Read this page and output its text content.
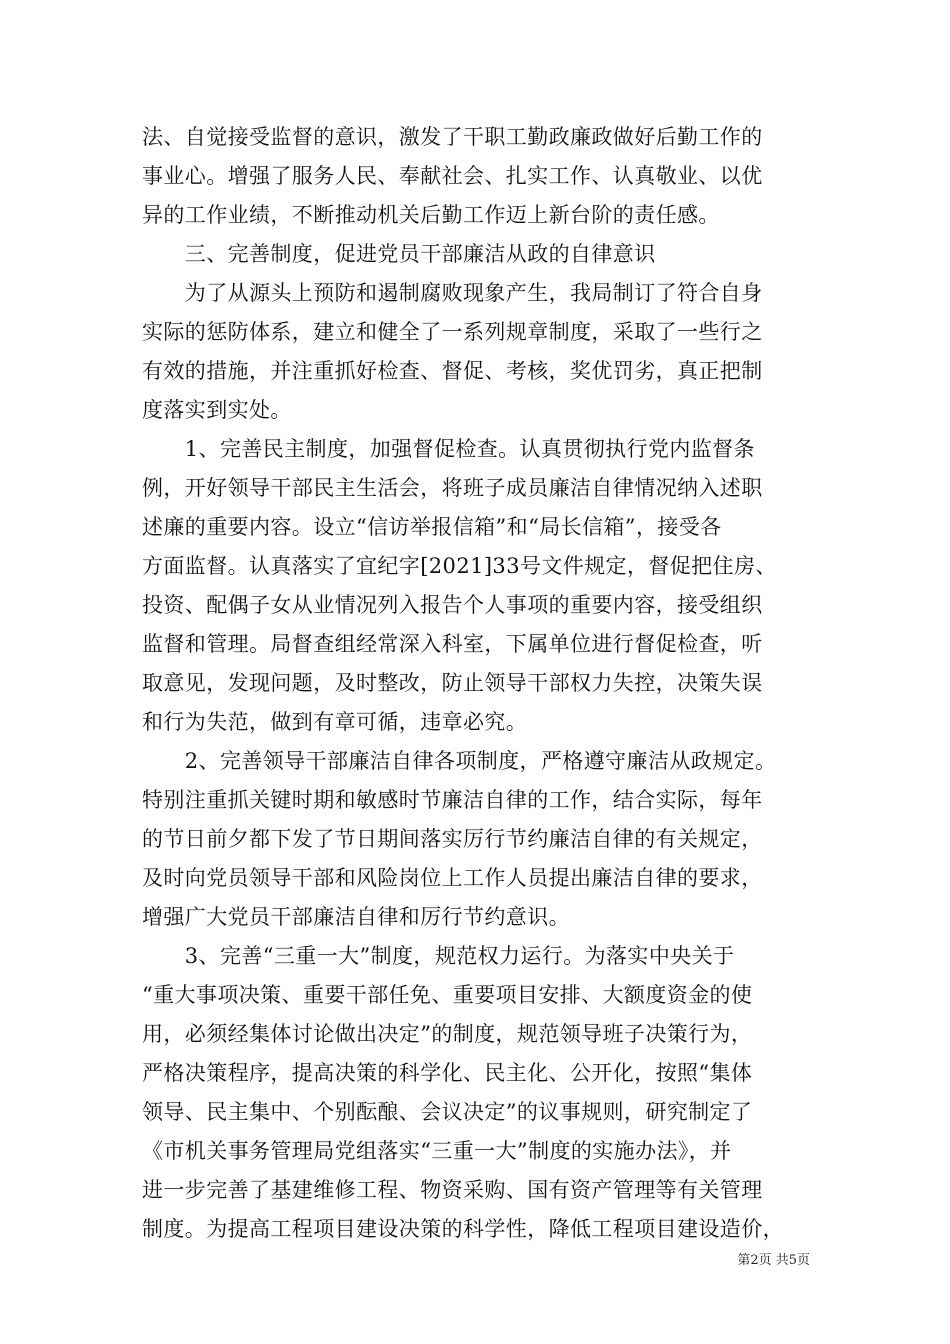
法、自觉接受监督的意识，激发了干职工勤政廉政做好后勤工作的
事业心。增强了服务人民、奉献社会、扎实工作、认真敬业、以优
异的工作业绩，不断推动机关后勤工作迈上新台阶的责任感。
　　三、完善制度，促进党员干部廉洁从政的自律意识
　　为了从源头上预防和遏制腐败现象产生，我局制订了符合自身
实际的惩防体系，建立和健全了一系列规章制度，采取了一些行之
有效的措施，并注重抓好检查、督促、考核，奖优罚劣，真正把制
度落实到实处。
　　1、完善民主制度，加强督促检查。认真贯彻执行党内监督条
例，开好领导干部民主生活会，将班子成员廉洁自律情况纳入述职
述廉的重要内容。设立“信访举报信箱”和“局长信箱”，接受各
方面监督。认真落实了宜纪字[2021]33号文件规定，督促把住房、
投资、配偶子女从业情况列入报告个人事项的重要内容，接受组织
监督和管理。局督查组经常深入科室，下属单位进行督促检查，听
取意见，发现问题，及时整改，防止领导干部权力失控，决策失误
和行为失范，做到有章可循，违章必究。
　　2、完善领导干部廉洁自律各项制度，严格遵守廉洁从政规定。
特别注重抓关键时期和敏感时节廉洁自律的工作，结合实际，每年
的节日前夕都下发了节日期间落实厉行节约廉洁自律的有关规定，
及时向党员领导干部和风险岗位上工作人员提出廉洁自律的要求，
增强广大党员干部廉洁自律和厉行节约意识。
　　3、完善“三重一大”制度，规范权力运行。为落实中央关于
“重大事项决策、重要干部任免、重要项目安排、大额度资金的使
用，必须经集体讨论做出决定”的制度，规范领导班子决策行为，
严格决策程序，提高决策的科学化、民主化、公开化，按照“集体
领导、民主集中、个别酝酿、会议决定”的议事规则，研究制定了
《市机关事务管理局党组落实“三重一大”制度的实施办法》，并
进一步完善了基建维修工程、物资采购、国有资产管理等有关管理
制度。为提高工程项目建设决策的科学性，降低工程项目建设造价，
第2页 共5页
